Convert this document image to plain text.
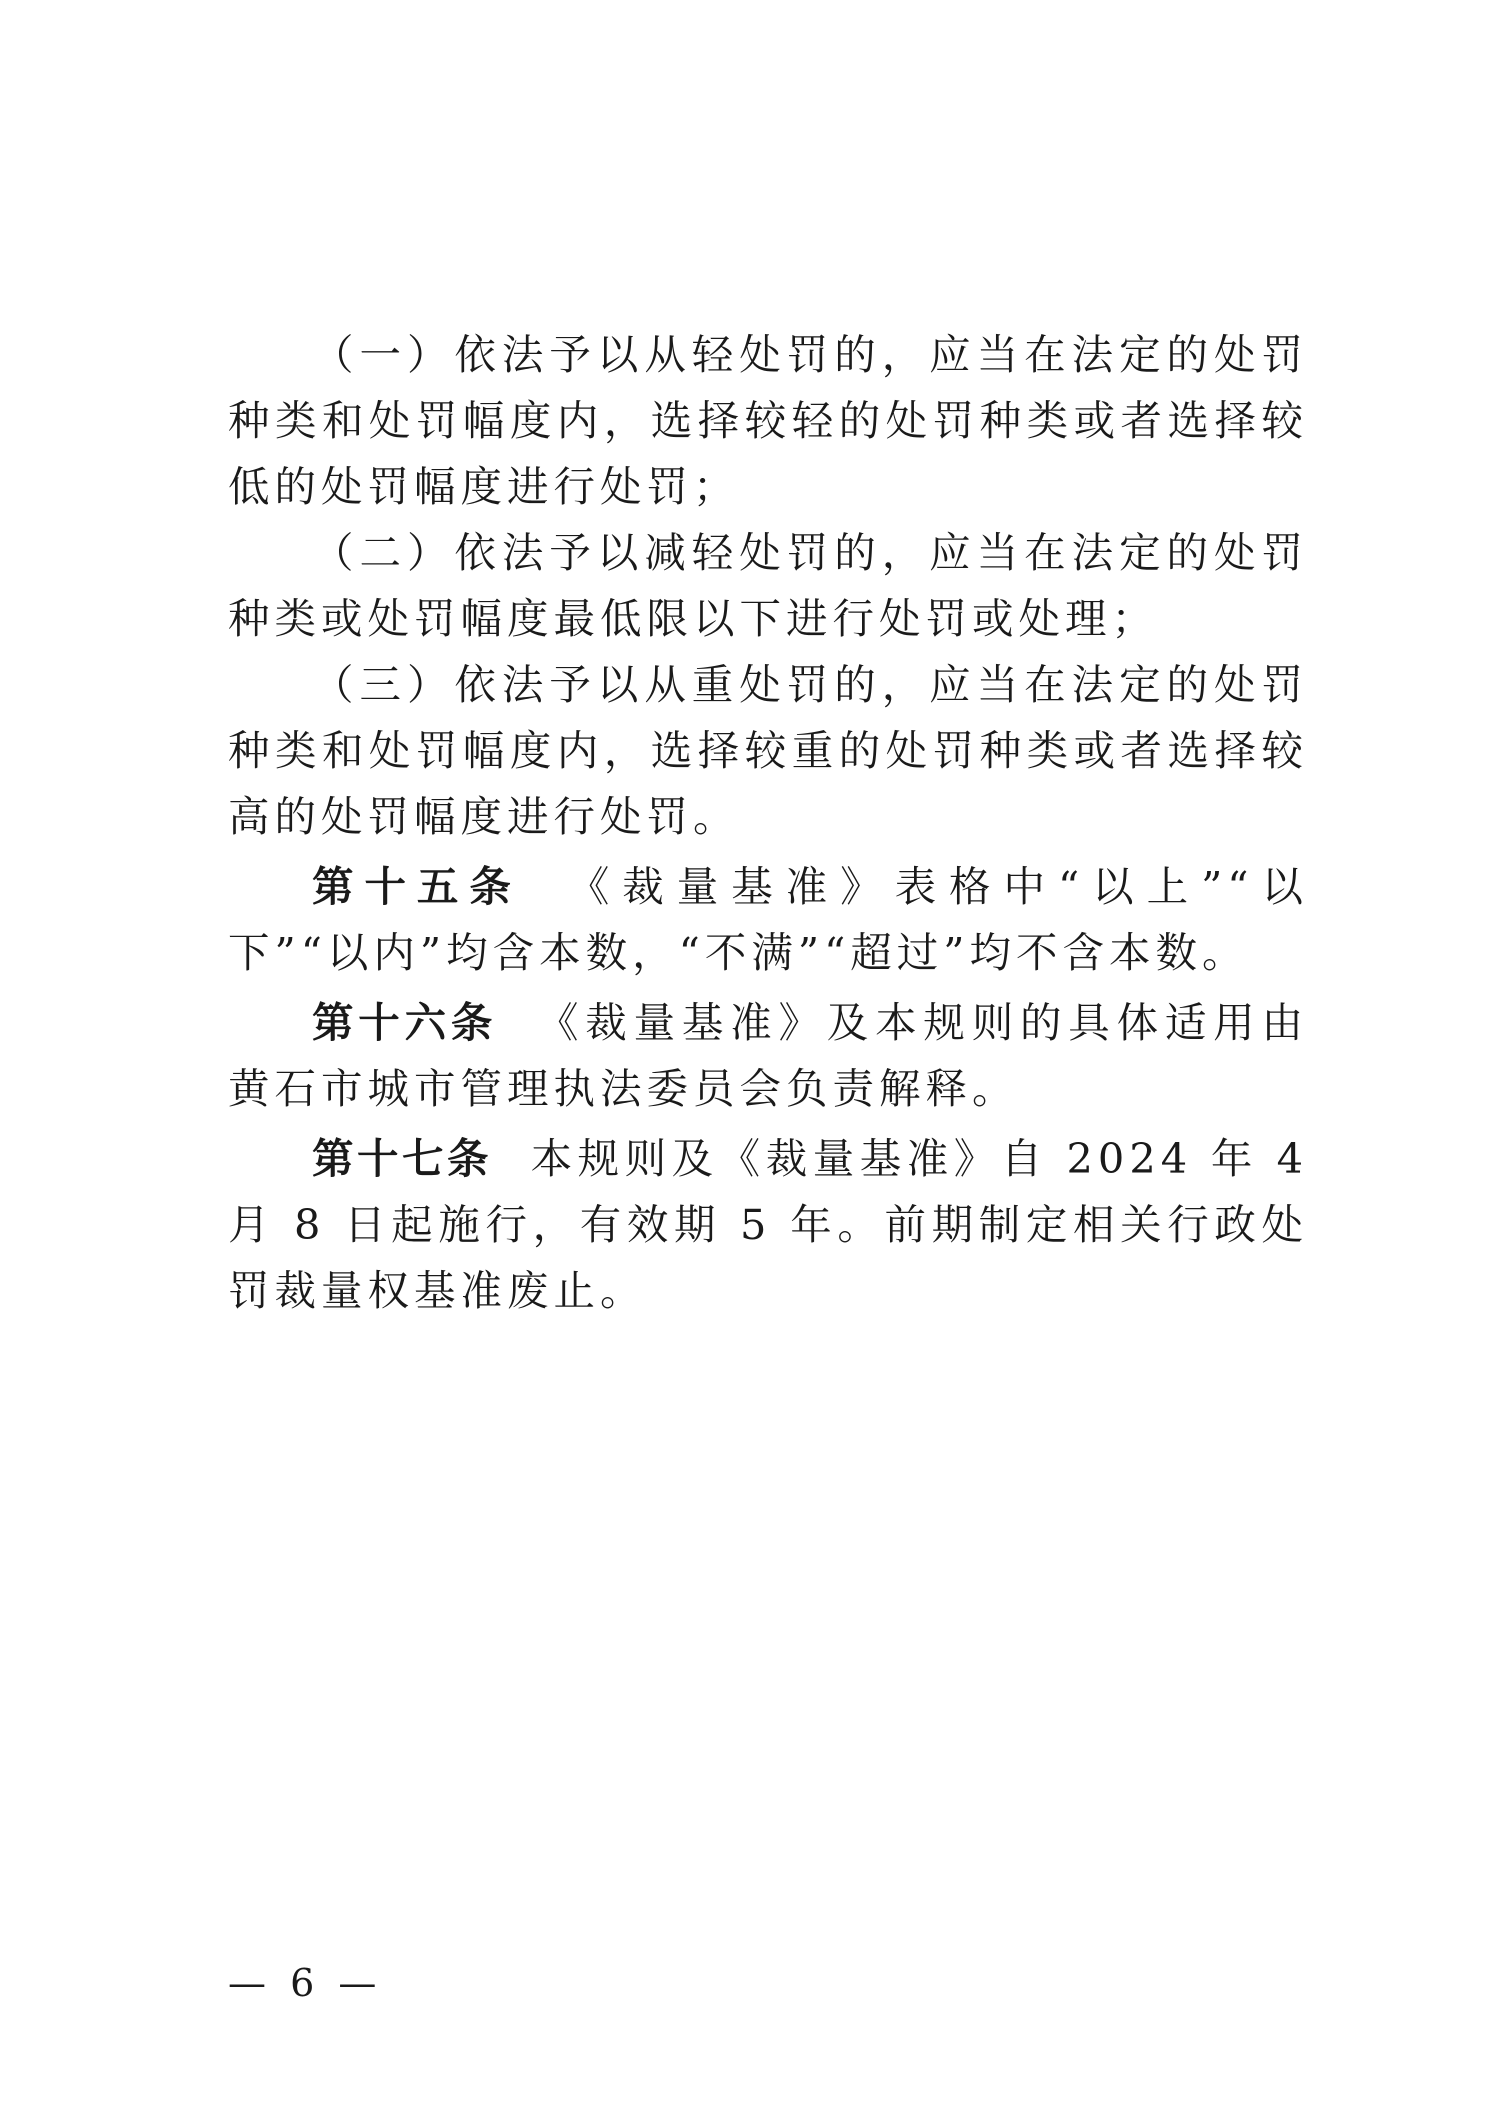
（一）依法予以从轻处罚的，应当在法定的处罚种类和处罚幅度内，选择较轻的处罚种类或者选择较低的处罚幅度进行处罚；

（二）依法予以减轻处罚的，应当在法定的处罚种类或处罚幅度最低限以下进行处罚或处理；

（三）依法予以从重处罚的，应当在法定的处罚种类和处罚幅度内，选择较重的处罚种类或者选择较高的处罚幅度进行处罚。

第十五条 《裁量基准》表格中“以上”“以下”“以内”均含本数，“不满”“超过”均不含本数。

第十六条 《裁量基准》及本规则的具体适用由黄石市城市管理执法委员会负责解释。

第十七条 本规则及《裁量基准》自 2024 年 4 月 8 日起施行，有效期 5 年。前期制定相关行政处罚裁量权基准废止。

— 6 —
